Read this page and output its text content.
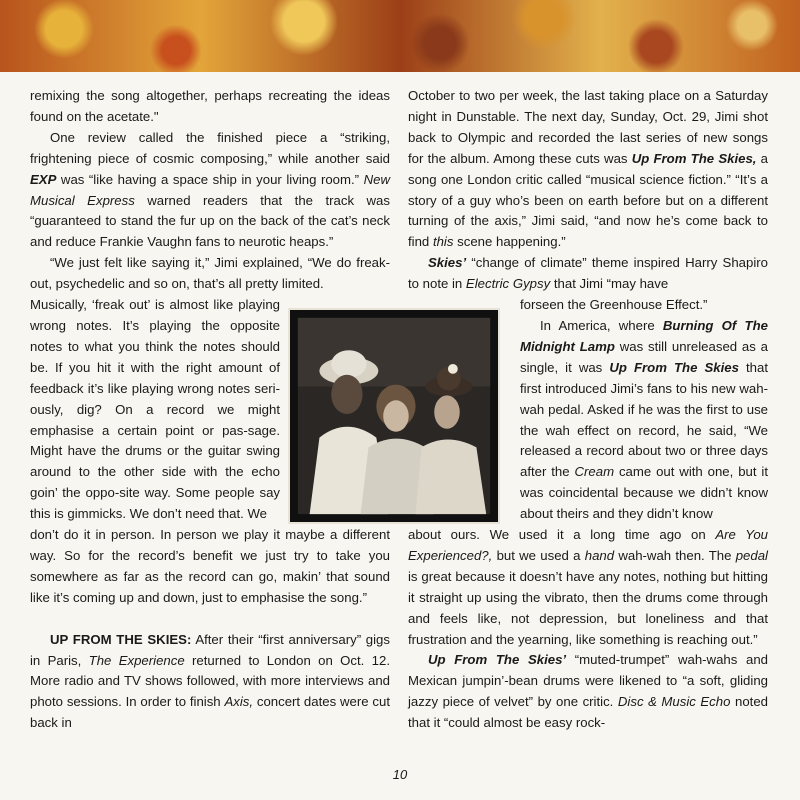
remixing the song altogether, perhaps recreating the ideas found on the acetate."

One review called the finished piece a “striking, frightening piece of cosmic composing,” while another said EXP was “like having a space ship in your living room.” New Musical Express warned readers that the track was “guaranteed to stand the fur up on the back of the cat’s neck and reduce Frankie Vaughn fans to neurotic heaps.”

“We just felt like saying it,” Jimi explained, “We do freak-out, psychedelic and so on, that’s all pretty limited.

Musically, ‘freak out’ is almost like playing wrong notes. It’s playing the opposite notes to what you think the notes should be. If you hit it with the right amount of feedback it’s like playing wrong notes seri-ously, dig? On a record we might emphasise a certain point or pas-sage. Might have the drums or the guitar swing around to the other side with the echo goin’ the oppo-site way. Some people say this is gimmicks. We don’t need that. We

don’t do it in person. In person we play it maybe a different way. So for the record’s benefit we just try to take you somewhere as far as the record can go, makin’ that sound like it’s coming up and down, just to emphasise the song.”

UP FROM THE SKIES: After their “first anniversary” gigs in Paris, The Experience returned to London on Oct. 12. More radio and TV shows followed, with more interviews and photo sessions. In order to finish Axis, concert dates were cut back in

October to two per week, the last taking place on a Saturday night in Dunstable. The next day, Sunday, Oct. 29, Jimi shot back to Olympic and recorded the last series of new songs for the album. Among these cuts was Up From The Skies, a song one London critic called “musical science fiction.” “It’s a story of a guy who’s been on earth before but on a different turning of the axis,” Jimi said, “and now he’s come back to find this scene happening.”

Skies’ “change of climate” theme inspired Harry Shapiro to note in Electric Gypsy that Jimi “may have

forseen the Greenhouse Effect.”

In America, where Burning Of The Midnight Lamp was still unreleased as a single, it was Up From The Skies that first introduced Jimi’s fans to his new wah-wah pedal. Asked if he was the first to use the wah effect on record, he said, “We released a record about two or three days after the Cream came out with one, but it was coincidental because we didn’t know about theirs and they didn’t know

about ours. We used it a long time ago on Are You Experienced?, but we used a hand wah-wah then. The pedal is great because it doesn’t have any notes, nothing but hitting it straight up using the vibrato, then the drums come through and feels like, not depression, but loneliness and that frustration and the yearning, like something is reaching out.”

Up From The Skies’ “muted-trumpet” wah-wahs and Mexican jumpin’-bean drums were likened to “a soft, gliding jazzy piece of velvet” by one critic. Disc & Music Echo noted that it “could almost be easy rock-

10
